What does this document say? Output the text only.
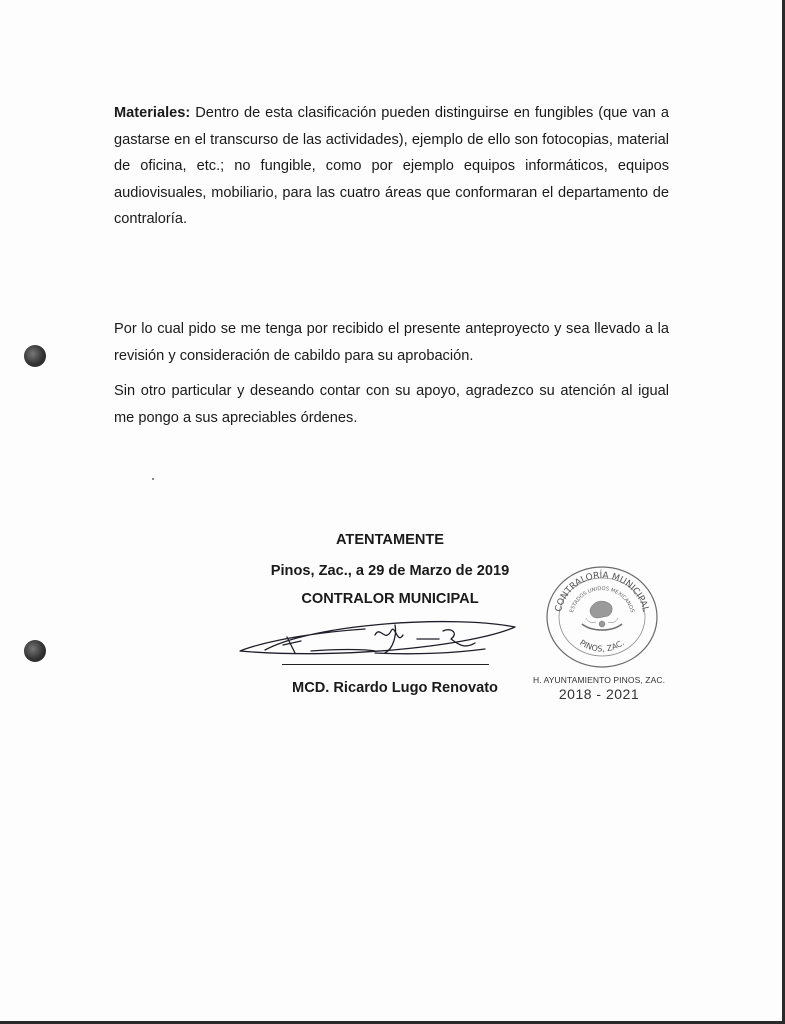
Materiales: Dentro de esta clasificación pueden distinguirse en fungibles (que van a gastarse en el transcurso de las actividades), ejemplo de ello son fotocopias, material de oficina, etc.; no fungible, como por ejemplo equipos informáticos, equipos audiovisuales, mobiliario, para las cuatro áreas que conformaran el departamento de contraloría.

Por lo cual pido se me tenga por recibido el presente anteproyecto y sea llevado a la revisión y consideración de cabildo para su aprobación.

Sin otro particular y deseando contar con su apoyo, agradezco su atención al igual me pongo a sus apreciables órdenes.

ATENTAMENTE
Pinos, Zac., a 29 de Marzo de 2019
CONTRALOR MUNICIPAL
MCD. Ricardo Lugo Renovato
CONTRALORÍA MUNICIPAL
ESTADOS UNIDOS MEXICANOS
PINOS, ZAC.
H. AYUNTAMIENTO PINOS, ZAC.
2018 - 2021
